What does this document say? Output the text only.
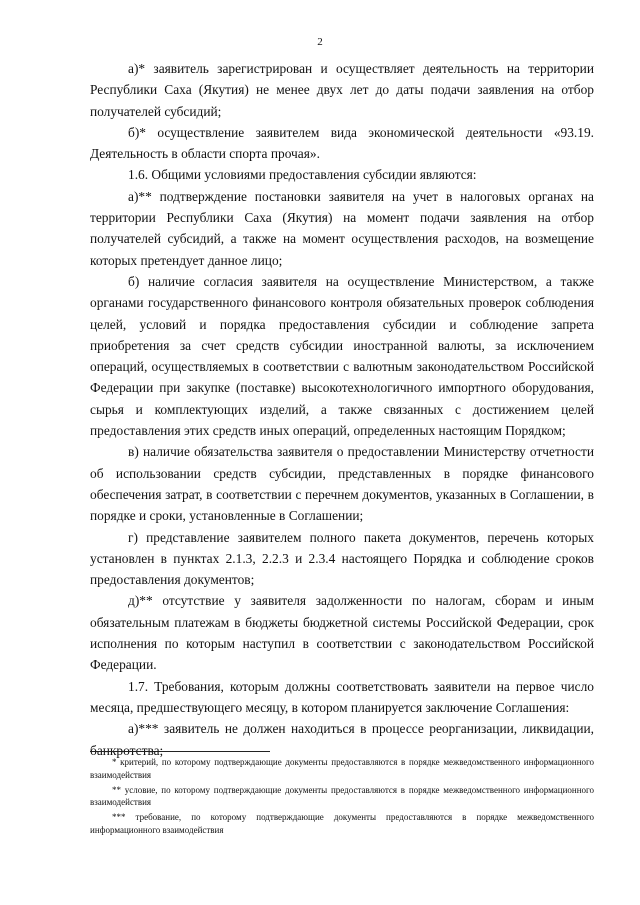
2

а)* заявитель зарегистрирован и осуществляет деятельность на территории Республики Саха (Якутия) не менее двух лет до даты подачи заявления на отбор получателей субсидий;

б)* осуществление заявителем вида экономической деятельности «93.19. Деятельность в области спорта прочая».

1.6. Общими условиями предоставления субсидии являются:

а)** подтверждение постановки заявителя на учет в налоговых органах на территории Республики Саха (Якутия) на момент подачи заявления на отбор получателей субсидий, а также на момент осуществления расходов, на возмещение которых претендует данное лицо;

б) наличие согласия заявителя на осуществление Министерством, а также органами государственного финансового контроля обязательных проверок соблюдения целей, условий и порядка предоставления субсидии и соблюдение запрета приобретения за счет средств субсидии иностранной валюты, за исключением операций, осуществляемых в соответствии с валютным законодательством Российской Федерации при закупке (поставке) высокотехнологичного импортного оборудования, сырья и комплектующих изделий, а также связанных с достижением целей предоставления этих средств иных операций, определенных настоящим Порядком;

в) наличие обязательства заявителя о предоставлении Министерству отчетности об использовании средств субсидии, представленных в порядке финансового обеспечения затрат, в соответствии с перечнем документов, указанных в Соглашении, в порядке и сроки, установленные в Соглашении;

г) представление заявителем полного пакета документов, перечень которых установлен в пунктах 2.1.3, 2.2.3 и 2.3.4 настоящего Порядка и соблюдение сроков предоставления документов;

д)** отсутствие у заявителя задолженности по налогам, сборам и иным обязательным платежам в бюджеты бюджетной системы Российской Федерации, срок исполнения по которым наступил в соответствии с законодательством Российской Федерации.

1.7. Требования, которым должны соответствовать заявители на первое число месяца, предшествующего месяцу, в котором планируется заключение Соглашения:

а)*** заявитель не должен находиться в процессе реорганизации, ликвидации, банкротства;

* критерий, по которому подтверждающие документы предоставляются в порядке межведомственного информационного взаимодействия

** условие, по которому подтверждающие документы предоставляются в порядке межведомственного информационного взаимодействия

*** требование, по которому подтверждающие документы предоставляются в порядке межведомственного информационного взаимодействия
